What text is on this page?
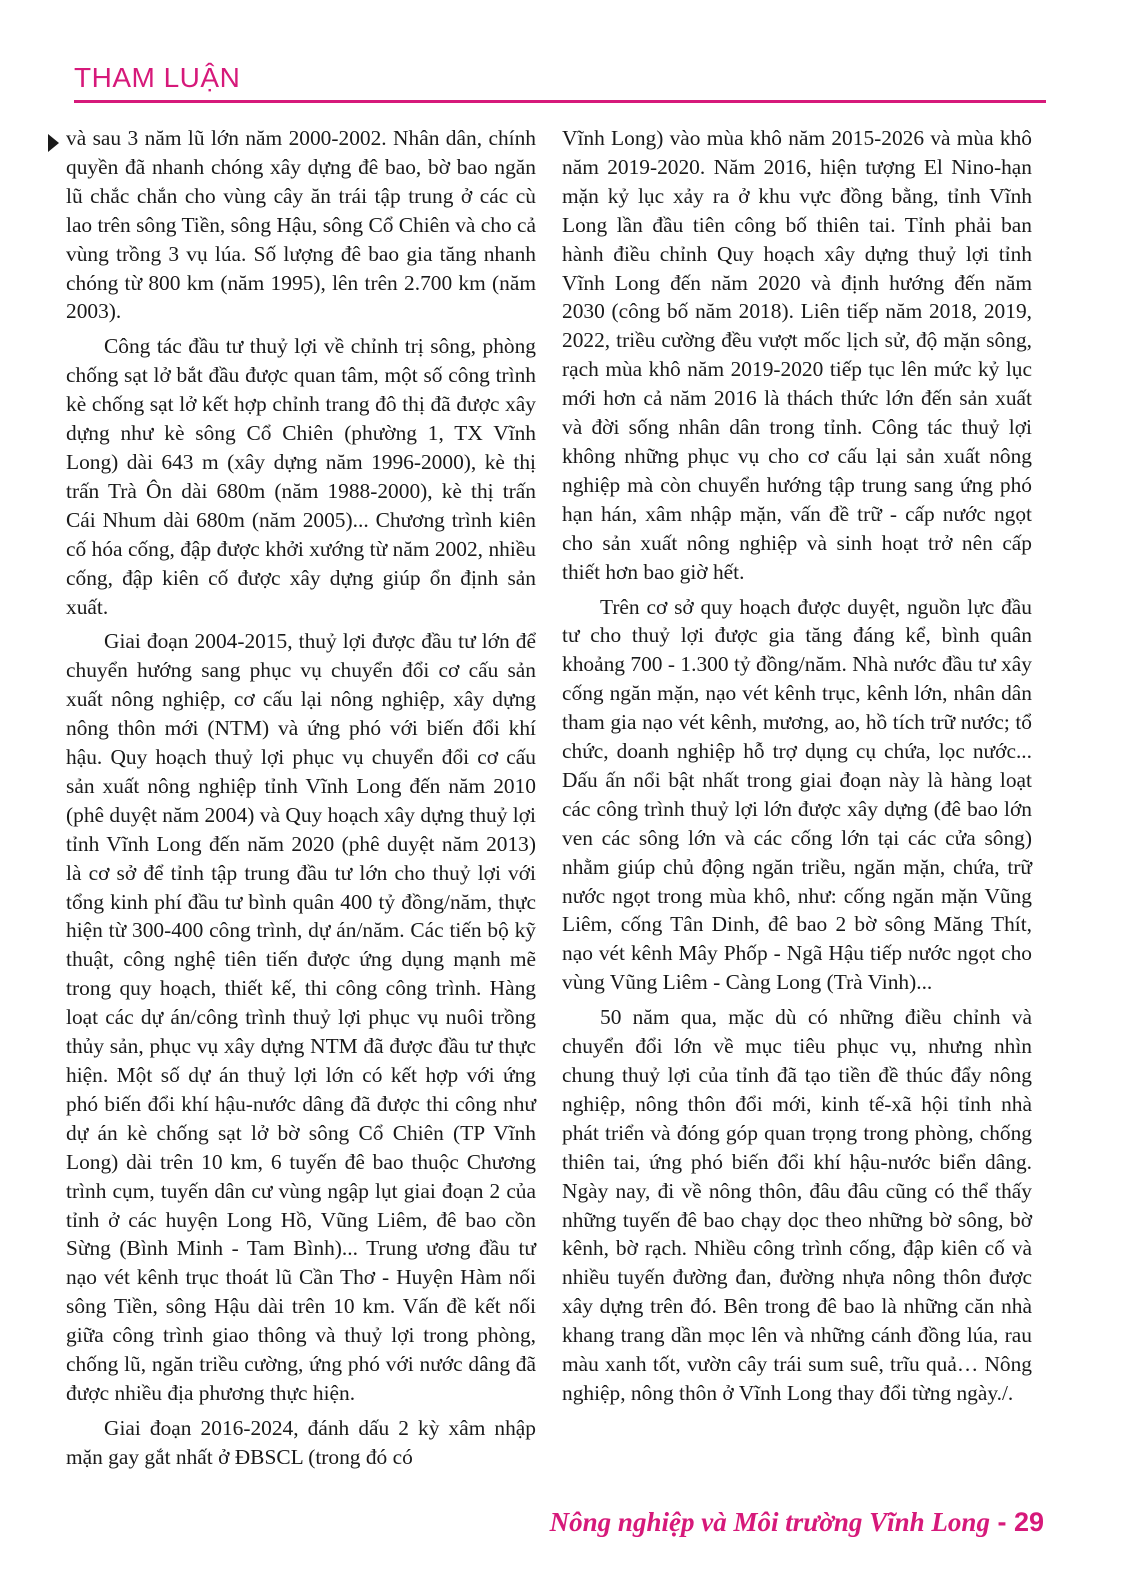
THAM LUẬN

và sau 3 năm lũ lớn năm 2000-2002. Nhân dân, chính quyền đã nhanh chóng xây dựng đê bao, bờ bao ngăn lũ chắc chắn cho vùng cây ăn trái tập trung ở các cù lao trên sông Tiền, sông Hậu, sông Cổ Chiên và cho cả vùng trồng 3 vụ lúa. Số lượng đê bao gia tăng nhanh chóng từ 800 km (năm 1995), lên trên 2.700 km (năm 2003).

Công tác đầu tư thuỷ lợi về chỉnh trị sông, phòng chống sạt lở bắt đầu được quan tâm, một số công trình kè chống sạt lở kết hợp chỉnh trang đô thị đã được xây dựng như kè sông Cổ Chiên (phường 1, TX Vĩnh Long) dài 643 m (xây dựng năm 1996-2000), kè thị trấn Trà Ôn dài 680m (năm 1988-2000), kè thị trấn Cái Nhum dài 680m (năm 2005)... Chương trình kiên cố hóa cống, đập được khởi xướng từ năm 2002, nhiều cống, đập kiên cố được xây dựng giúp ổn định sản xuất.

Giai đoạn 2004-2015, thuỷ lợi được đầu tư lớn để chuyển hướng sang phục vụ chuyển đổi cơ cấu sản xuất nông nghiệp, cơ cấu lại nông nghiệp, xây dựng nông thôn mới (NTM) và ứng phó với biến đổi khí hậu. Quy hoạch thuỷ lợi phục vụ chuyển đổi cơ cấu sản xuất nông nghiệp tỉnh Vĩnh Long đến năm 2010 (phê duyệt năm 2004) và Quy hoạch xây dựng thuỷ lợi tỉnh Vĩnh Long đến năm 2020 (phê duyệt năm 2013) là cơ sở để tỉnh tập trung đầu tư lớn cho thuỷ lợi với tổng kinh phí đầu tư bình quân 400 tỷ đồng/năm, thực hiện từ 300-400 công trình, dự án/năm. Các tiến bộ kỹ thuật, công nghệ tiên tiến được ứng dụng mạnh mẽ trong quy hoạch, thiết kế, thi công công trình. Hàng loạt các dự án/công trình thuỷ lợi phục vụ nuôi trồng thủy sản, phục vụ xây dựng NTM đã được đầu tư thực hiện. Một số dự án thuỷ lợi lớn có kết hợp với ứng phó biến đổi khí hậu-nước dâng đã được thi công như dự án kè chống sạt lở bờ sông Cổ Chiên (TP Vĩnh Long) dài trên 10 km, 6 tuyến đê bao thuộc Chương trình cụm, tuyến dân cư vùng ngập lụt giai đoạn 2 của tỉnh ở các huyện Long Hồ, Vũng Liêm, đê bao cồn Sừng (Bình Minh - Tam Bình)... Trung ương đầu tư nạo vét kênh trục thoát lũ Cần Thơ - Huyện Hàm nối sông Tiền, sông Hậu dài trên 10 km. Vấn đề kết nối giữa công trình giao thông và thuỷ lợi trong phòng, chống lũ, ngăn triều cường, ứng phó với nước dâng đã được nhiều địa phương thực hiện.

Giai đoạn 2016-2024, đánh dấu 2 kỳ xâm nhập mặn gay gắt nhất ở ĐBSCL (trong đó có

Vĩnh Long) vào mùa khô năm 2015-2026 và mùa khô năm 2019-2020. Năm 2016, hiện tượng El Nino-hạn mặn kỷ lục xảy ra ở khu vực đồng bằng, tỉnh Vĩnh Long lần đầu tiên công bố thiên tai. Tỉnh phải ban hành điều chỉnh Quy hoạch xây dựng thuỷ lợi tỉnh Vĩnh Long đến năm 2020 và định hướng đến năm 2030 (công bố năm 2018). Liên tiếp năm 2018, 2019, 2022, triều cường đều vượt mốc lịch sử, độ mặn sông, rạch mùa khô năm 2019-2020 tiếp tục lên mức kỷ lục mới hơn cả năm 2016 là thách thức lớn đến sản xuất và đời sống nhân dân trong tỉnh. Công tác thuỷ lợi không những phục vụ cho cơ cấu lại sản xuất nông nghiệp mà còn chuyển hướng tập trung sang ứng phó hạn hán, xâm nhập mặn, vấn đề trữ - cấp nước ngọt cho sản xuất nông nghiệp và sinh hoạt trở nên cấp thiết hơn bao giờ hết.

Trên cơ sở quy hoạch được duyệt, nguồn lực đầu tư cho thuỷ lợi được gia tăng đáng kể, bình quân khoảng 700 - 1.300 tỷ đồng/năm. Nhà nước đầu tư xây cống ngăn mặn, nạo vét kênh trục, kênh lớn, nhân dân tham gia nạo vét kênh, mương, ao, hồ tích trữ nước; tổ chức, doanh nghiệp hỗ trợ dụng cụ chứa, lọc nước... Dấu ấn nổi bật nhất trong giai đoạn này là hàng loạt các công trình thuỷ lợi lớn được xây dựng (đê bao lớn ven các sông lớn và các cống lớn tại các cửa sông) nhằm giúp chủ động ngăn triều, ngăn mặn, chứa, trữ nước ngọt trong mùa khô, như: cống ngăn mặn Vũng Liêm, cống Tân Dinh, đê bao 2 bờ sông Măng Thít, nạo vét kênh Mây Phốp - Ngã Hậu tiếp nước ngọt cho vùng Vũng Liêm - Càng Long (Trà Vinh)...

50 năm qua, mặc dù có những điều chỉnh và chuyển đổi lớn về mục tiêu phục vụ, nhưng nhìn chung thuỷ lợi của tỉnh đã tạo tiền đề thúc đẩy nông nghiệp, nông thôn đổi mới, kinh tế-xã hội tỉnh nhà phát triển và đóng góp quan trọng trong phòng, chống thiên tai, ứng phó biến đổi khí hậu-nước biển dâng. Ngày nay, đi về nông thôn, đâu đâu cũng có thể thấy những tuyến đê bao chạy dọc theo những bờ sông, bờ kênh, bờ rạch. Nhiều công trình cống, đập kiên cố và nhiều tuyến đường đan, đường nhựa nông thôn được xây dựng trên đó. Bên trong đê bao là những căn nhà khang trang dần mọc lên và những cánh đồng lúa, rau màu xanh tốt, vườn cây trái sum suê, trĩu quả… Nông nghiệp, nông thôn ở Vĩnh Long thay đổi từng ngày./.

Nông nghiệp và Môi trường Vĩnh Long - 29
